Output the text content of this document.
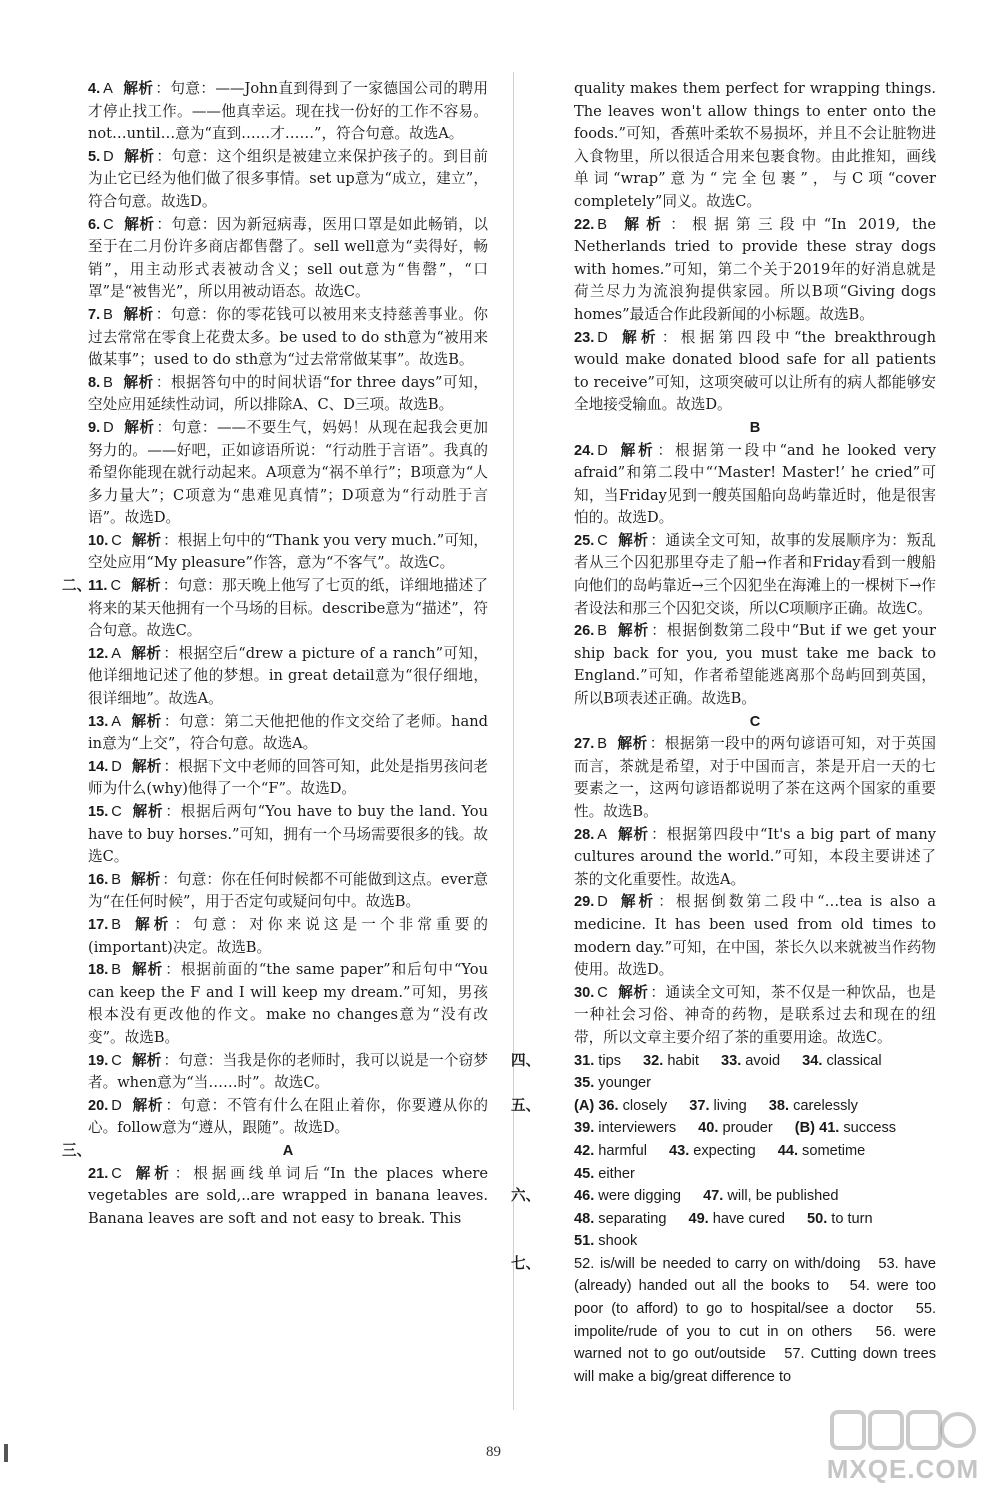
4. A 解析 ：句意：——John直到得到了一家德国公司的聘用才停止找工作。——他真幸运。现在找一份好的工作不容易。not…until…意为“直到……才……”，符合句意。故选A。

5. D 解析 ：句意：这个组织是被建立来保护孩子的。到目前为止它已经为他们做了很多事情。set up意为“成立，建立”，符合句意。故选D。

6. C 解析 ：句意：因为新冠病毒，医用口罩是如此畅销，以至于在二月份许多商店都售罄了。sell well意为“卖得好，畅销”，用主动形式表被动含义；sell out意为“售罄”，“口罩”是“被售光”，所以用被动语态。故选C。

7. B 解析 ：句意：你的零花钱可以被用来支持慈善事业。你过去常常在零食上花费太多。be used to do sth意为“被用来做某事”；used to do sth意为“过去常常做某事”。故选B。

8. B 解析 ：根据答句中的时间状语“for three days”可知，空处应用延续性动词，所以排除A、C、D三项。故选B。

9. D 解析 ：句意：——不要生气，妈妈！从现在起我会更加努力的。——好吧，正如谚语所说：“行动胜于言语”。我真的希望你能现在就行动起来。A项意为“祸不单行”；B项意为“人多力量大”；C项意为“患难见真情”；D项意为“行动胜于言语”。故选D。

10. C 解析 ：根据上句中的“Thank you very much.”可知，空处应用“My pleasure”作答，意为“不客气”。故选C。

二、

11. C 解析 ：句意：那天晚上他写了七页的纸，详细地描述了将来的某天他拥有一个马场的目标。describe意为“描述”，符合句意。故选C。

12. A 解析 ：根据空后“drew a picture of a ranch”可知，他详细地记述了他的梦想。in great detail意为“很仔细地，很详细地”。故选A。

13. A 解析 ：句意：第二天他把他的作文交给了老师。hand in意为“上交”，符合句意。故选A。

14. D 解析 ：根据下文中老师的回答可知，此处是指男孩问老师为什么(why)他得了一个“F”。故选D。

15. C 解析 ：根据后两句“You have to buy the land. You have to buy horses.”可知，拥有一个马场需要很多的钱。故选C。

16. B 解析 ：句意：你在任何时候都不可能做到这点。ever意为“在任何时候”，用于否定句或疑问句中。故选B。

17. B 解析 ：句意：对你来说这是一个非常重要的(important)决定。故选B。

18. B 解析 ：根据前面的“the same paper”和后句中“You can keep the F and I will keep my dream.”可知，男孩根本没有更改他的作文。make no changes意为“没有改变”。故选B。

19. C 解析 ：句意：当我是你的老师时，我可以说是一个窃梦者。when意为“当……时”。故选C。

20. D 解析 ：句意：不管有什么在阻止着你，你要遵从你的心。follow意为“遵从，跟随”。故选D。

三、	A

21. C 解析 ：根据画线单词后“In the places where vegetables are sold,..are wrapped in banana leaves. Banana leaves are soft and not easy to break. This

quality makes them perfect for wrapping things. The leaves won't allow things to enter onto the foods.”可知，香蕉叶柔软不易损坏，并且不会让脏物进入食物里，所以很适合用来包裹食物。由此推知，画线单词“wrap”意为“完全包裹”，与C项“cover completely”同义。故选C。

22. B 解析 ：根据第三段中“In 2019, the Netherlands tried to provide these stray dogs with homes.”可知，第二个关于2019年的好消息就是荷兰尽力为流浪狗提供家园。所以B项“Giving dogs homes”最适合作此段新闻的小标题。故选B。

23. D 解析 ：根据第四段中“the breakthrough would make donated blood safe for all patients to receive”可知，这项突破可以让所有的病人都能够安全地接受输血。故选D。

B

24. D 解析 ：根据第一段中“and he looked very afraid”和第二段中“‘Master! Master!’ he cried”可知，当Friday见到一艘英国船向岛屿靠近时，他是很害怕的。故选D。

25. C 解析 ：通读全文可知，故事的发展顺序为：叛乱者从三个囚犯那里夺走了船→作者和Friday看到一艘船向他们的岛屿靠近→三个囚犯坐在海滩上的一棵树下→作者设法和那三个囚犯交谈，所以C项顺序正确。故选C。

26. B 解析 ：根据倒数第二段中“But if we get your ship back for you, you must take me back to England.”可知，作者希望能逃离那个岛屿回到英国，所以B项表述正确。故选B。

C

27. B 解析 ：根据第一段中的两句谚语可知，对于英国而言，茶就是希望，对于中国而言，茶是开启一天的七要素之一，这两句谚语都说明了茶在这两个国家的重要性。故选B。

28. A 解析 ：根据第四段中“It's a big part of many cultures around the world.”可知，本段主要讲述了茶的文化重要性。故选A。

29. D 解析 ：根据倒数第二段中“…tea is also a medicine. It has been used from old times to modern day.”可知，在中国，茶长久以来就被当作药物使用。故选D。

30. C 解析 ：通读全文可知，茶不仅是一种饮品，也是一种社会习俗、神奇的药物，是联系过去和现在的纽带，所以文章主要介绍了茶的重要用途。故选C。

四、 31. tips 32. habit 33. avoid 34. classical

35. younger

五、 (A) 36. closely 37. living 38. carelessly

39. interviewers 40. prouder (B) 41. success

42. harmful 43. expecting 44. sometime

45. either

六、 46. were digging 47. will, be published

48. separating 49. have cured 50. to turn

51. shook

七、 52. is/will be needed to carry on with/doing　53. have (already) handed out all the books to　54. were too poor (to afford) to go to hospital/see a doctor　55. impolite/rude of you to cut in on others　56. were warned not to go out/outside　57. Cutting down trees will make a big/great difference to

89
MXQE.COM
